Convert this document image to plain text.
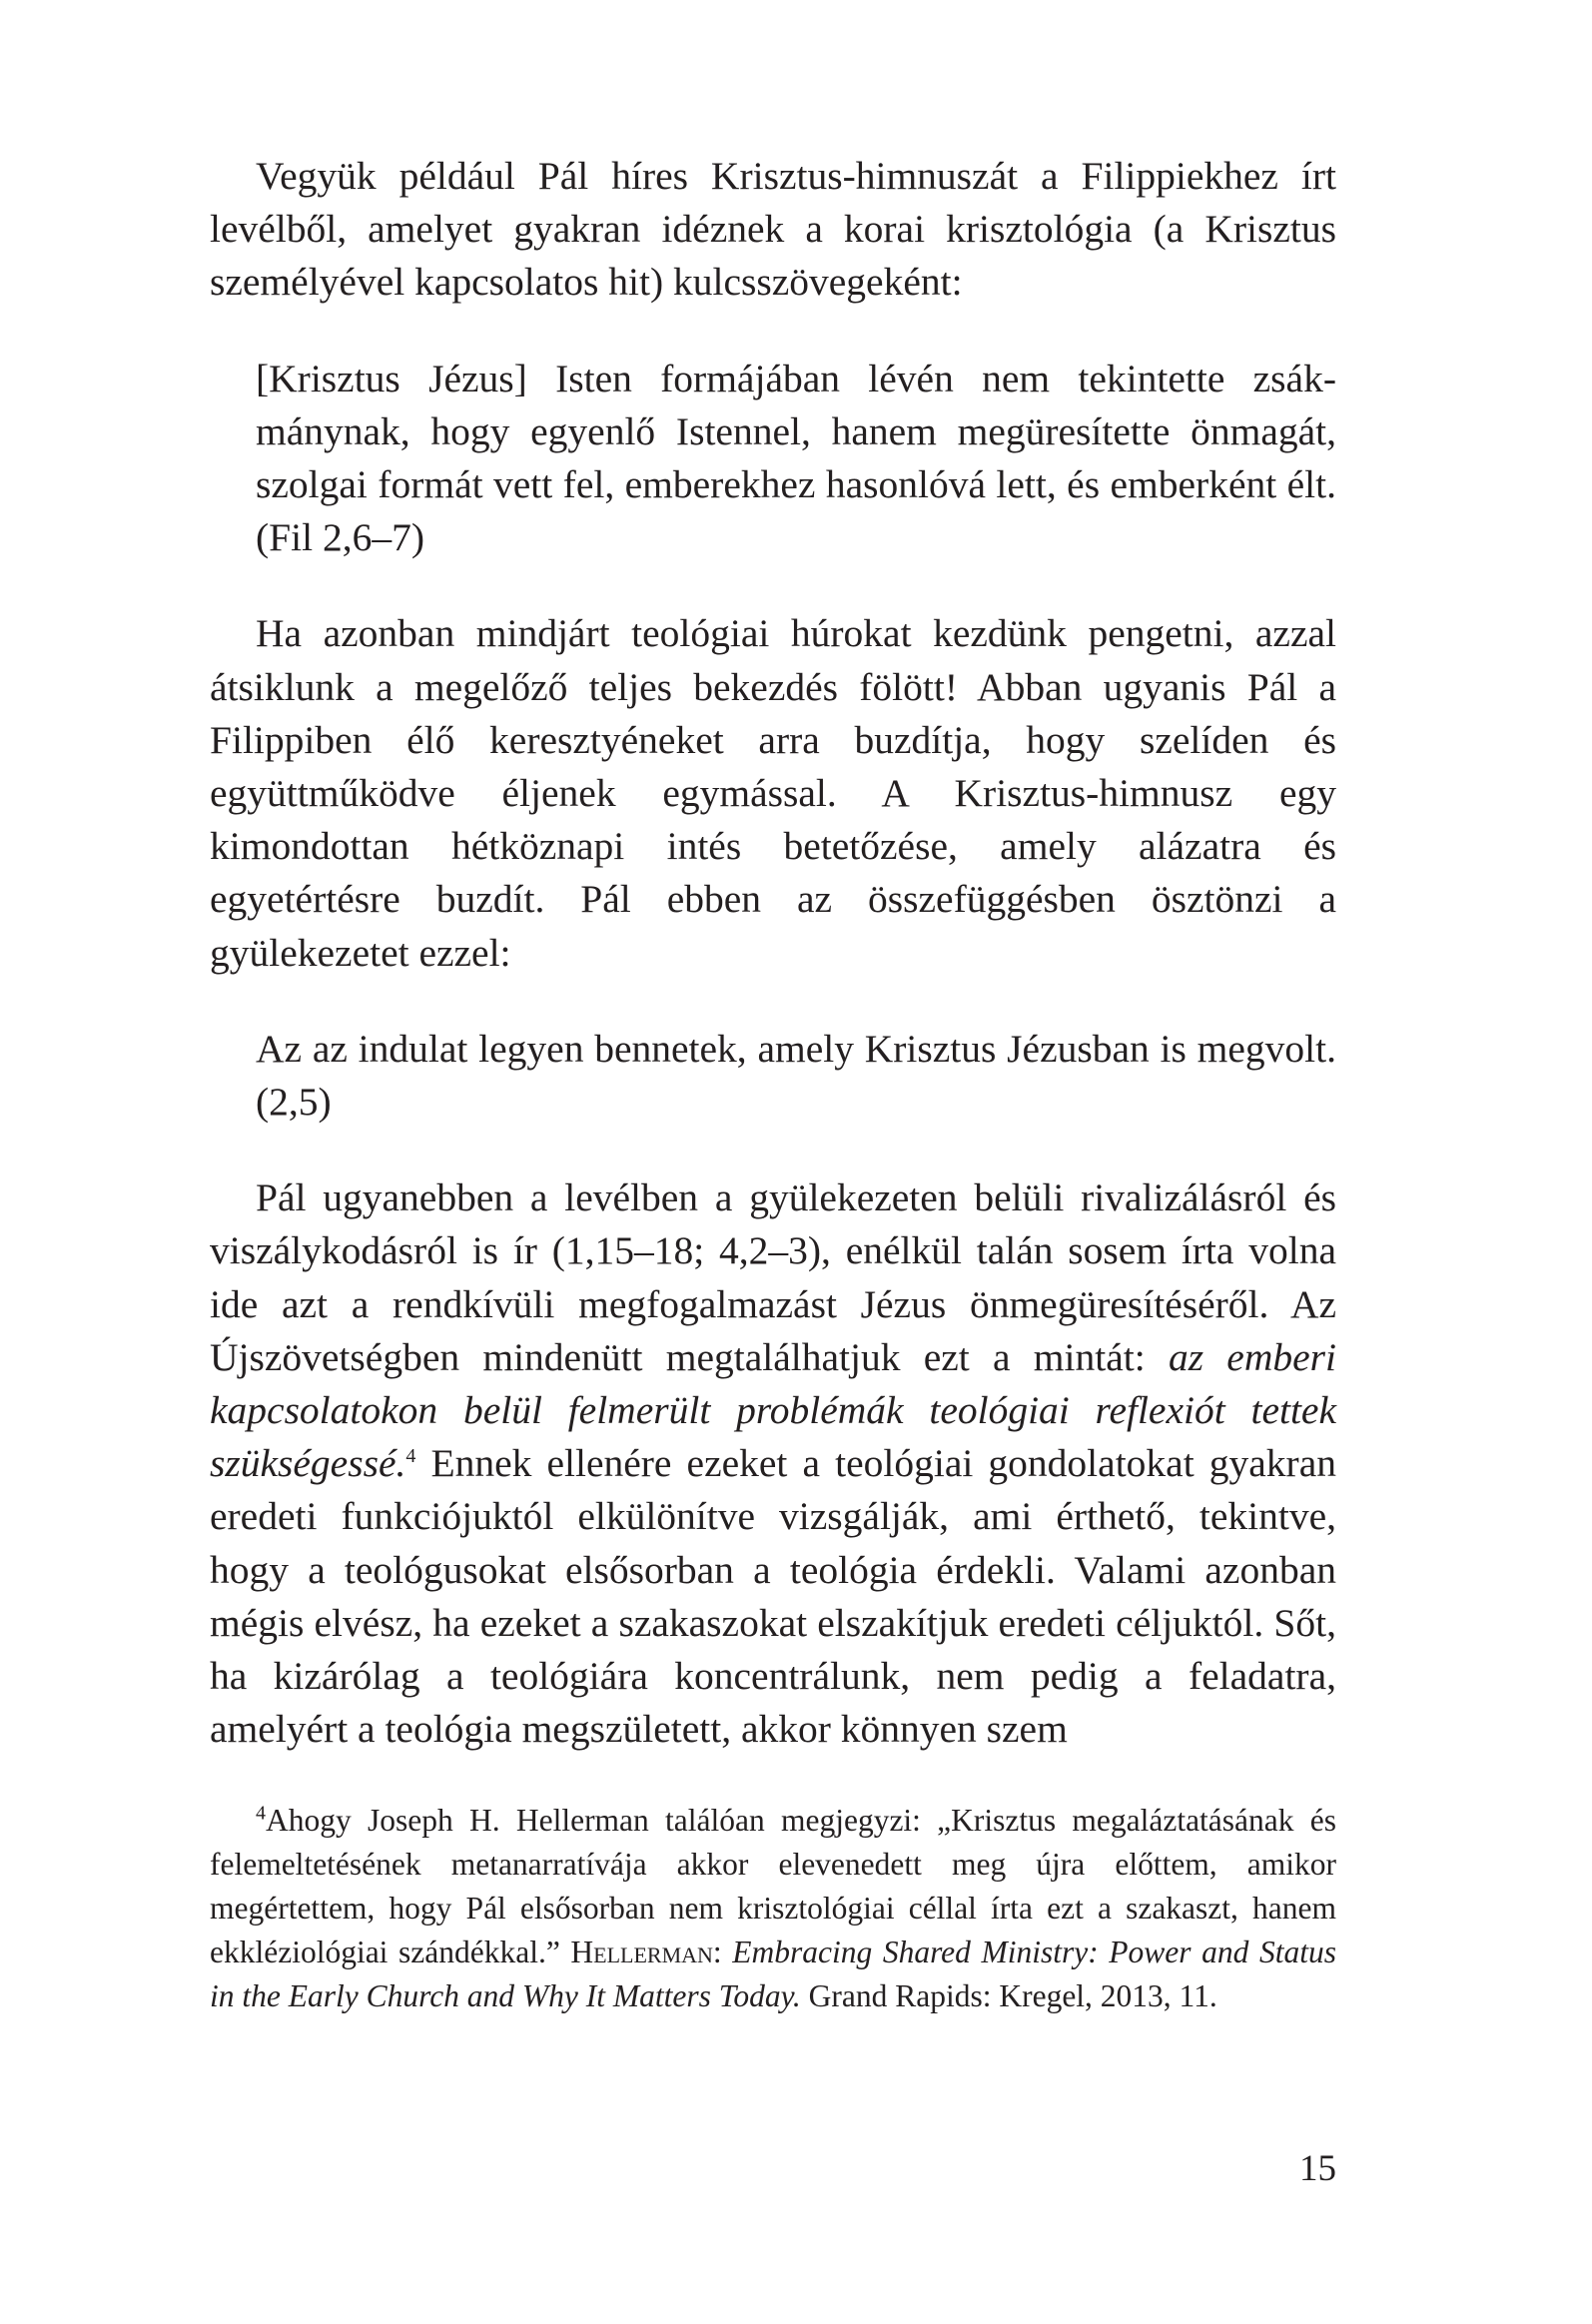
Vegyük például Pál híres Krisztus-himnuszát a Filippiekhez írt levélből, amelyet gyakran idéznek a korai krisztológia (a Krisztus személyével kapcsolatos hit) kulcsszövegeként:

[Krisztus Jézus] Isten formájában lévén nem tekintette zsákmánynak, hogy egyenlő Istennel, hanem megüresítette önmagát, szolgai formát vett fel, emberekhez hasonlóvá lett, és emberként élt. (Fil 2,6–7)

Ha azonban mindjárt teológiai húrokat kezdünk pengetni, azzal átsiklunk a megelőző teljes bekezdés fölött! Abban ugyanis Pál a Filippiben élő keresztyéneket arra buzdítja, hogy szelíden és együttműködve éljenek egymással. A Krisztus-himnusz egy kimondottan hétköznapi intés betetőzése, amely alázatra és egyetértésre buzdít. Pál ebben az összefüggésben ösztönzi a gyülekezetet ezzel:

Az az indulat legyen bennetek, amely Krisztus Jézusban is megvolt. (2,5)

Pál ugyanebben a levélben a gyülekezeten belüli rivalizálásról és viszálykodásról is ír (1,15–18; 4,2–3), enélkül talán sosem írta volna ide azt a rendkívüli megfogalmazást Jézus önmegüresítéséről. Az Újszövetségben mindenütt megtalálhatjuk ezt a mintát: az emberi kapcsolatokon belül felmerült problémák teológiai reflexiót tettek szükségessé.$^4$ Ennek ellenére ezeket a teológiai gondolatokat gyakran eredeti funkciójuktól elkülönítve vizsgálják, ami érthető, tekintve, hogy a teológusokat elsősorban a teológia érdekli. Valami azonban mégis elvész, ha ezeket a szakaszokat elszakítjuk eredeti céljuktól. Sőt, ha kizárólag a teológiára koncentrálunk, nem pedig a feladatra, amelyért a teológia megszületett, akkor könnyen szem

$^4$Ahogy Joseph H. Hellerman találóan megjegyzi: „Krisztus megaláztatásának és felemeltetésének metanarratívája akkor elevenedett meg újra előttem, amikor megértettem, hogy Pál elsősorban nem krisztológiai céllal írta ezt a szakaszt, hanem ekkléziológiai szándékkal.” Hellerman: Embracing Shared Ministry: Power and Status in the Early Church and Why It Matters Today. Grand Rapids: Kregel, 2013, 11.

15
